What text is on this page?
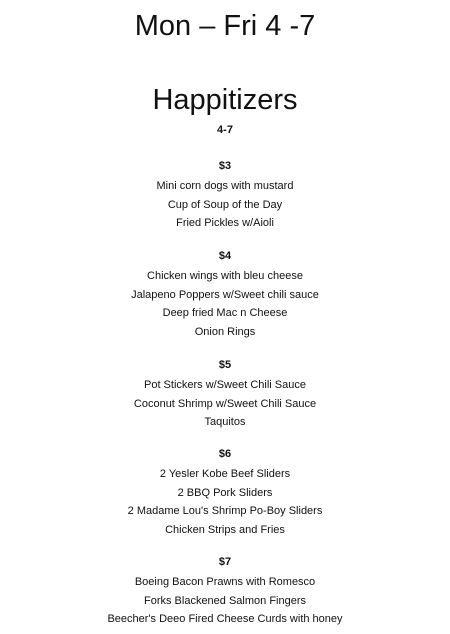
Mon – Fri 4 -7
Happitizers
4-7
$3
Mini corn dogs with mustard
Cup of Soup of the Day
Fried Pickles w/Aioli
$4
Chicken wings with bleu cheese
Jalapeno Poppers w/Sweet chili sauce
Deep fried Mac n Cheese
Onion Rings
$5
Pot Stickers w/Sweet Chili Sauce
Coconut Shrimp w/Sweet Chili Sauce
Taquitos
$6
2 Yesler Kobe Beef Sliders
2 BBQ Pork Sliders
2 Madame Lou's Shrimp Po-Boy Sliders
Chicken Strips and Fries
$7
Boeing Bacon Prawns with Romesco
Forks Blackened Salmon Fingers
Beecher's Deeo Fired Cheese Curds with honey
